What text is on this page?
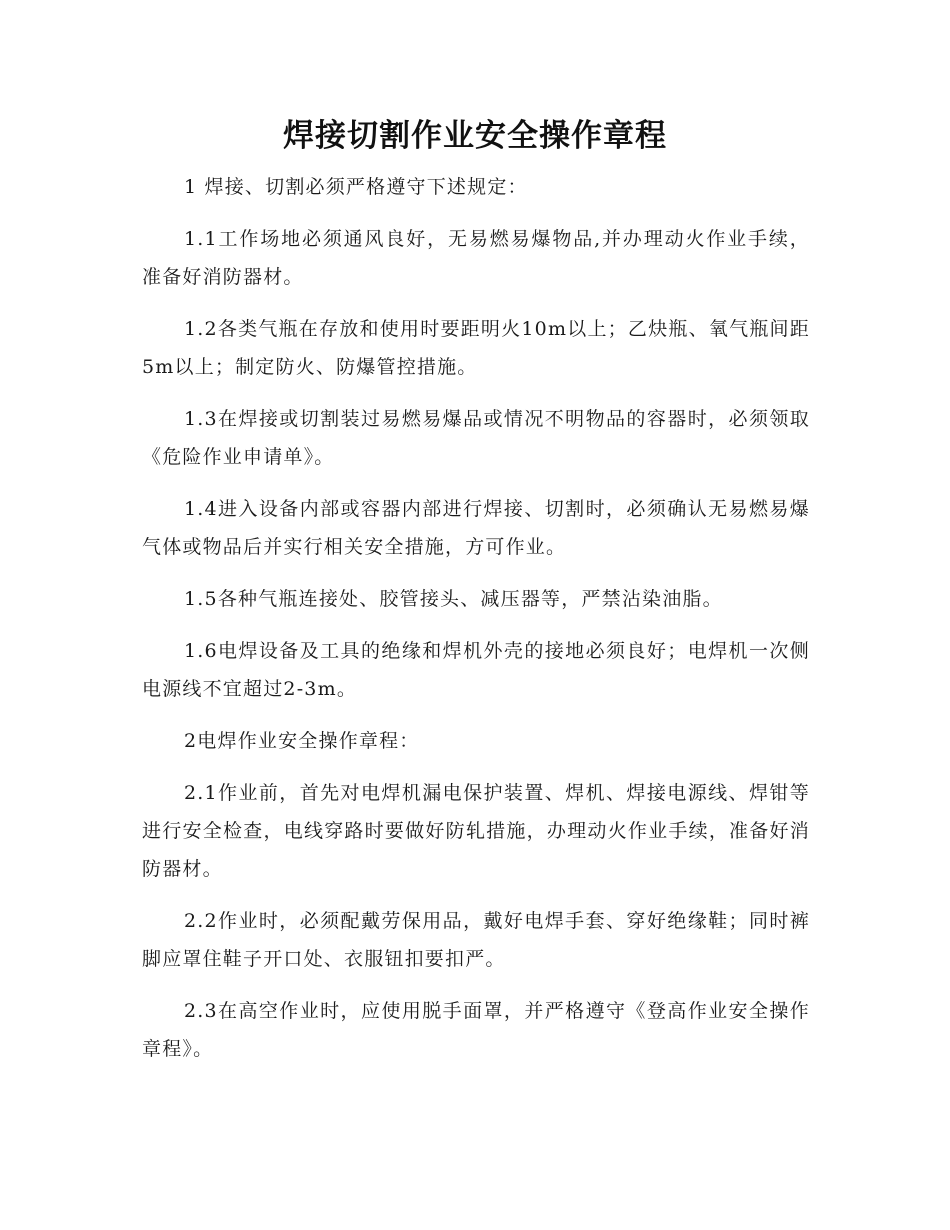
焊接切割作业安全操作章程

1 焊接、切割必须严格遵守下述规定：

1.1工作场地必须通风良好，无易燃易爆物品,并办理动火作业手续，准备好消防器材。

1.2各类气瓶在存放和使用时要距明火10m以上；乙炔瓶、氧气瓶间距5m以上；制定防火、防爆管控措施。

1.3在焊接或切割装过易燃易爆品或情况不明物品的容器时，必须领取《危险作业申请单》。

1.4进入设备内部或容器内部进行焊接、切割时，必须确认无易燃易爆气体或物品后并实行相关安全措施，方可作业。

1.5各种气瓶连接处、胶管接头、减压器等，严禁沾染油脂。

1.6电焊设备及工具的绝缘和焊机外壳的接地必须良好；电焊机一次侧电源线不宜超过2-3m。

2电焊作业安全操作章程：

2.1作业前，首先对电焊机漏电保护装置、焊机、焊接电源线、焊钳等进行安全检查，电线穿路时要做好防轧措施，办理动火作业手续，准备好消防器材。

2.2作业时，必须配戴劳保用品，戴好电焊手套、穿好绝缘鞋；同时裤脚应罩住鞋子开口处、衣服钮扣要扣严。

2.3在高空作业时，应使用脱手面罩，并严格遵守《登高作业安全操作章程》。
